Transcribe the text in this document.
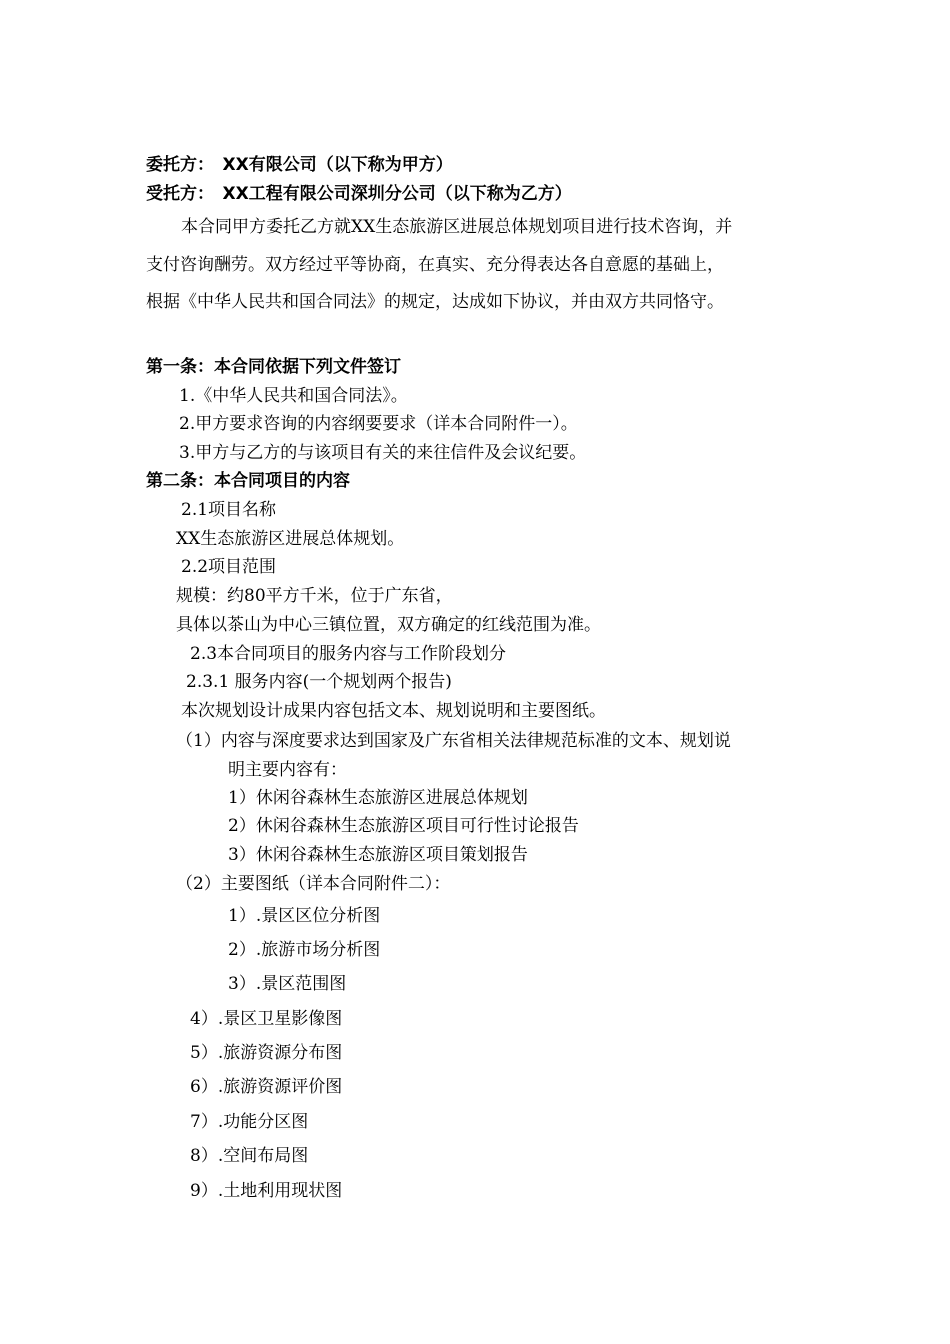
委托方：　XX有限公司（以下称为甲方）
受托方：　XX工程有限公司深圳分公司（以下称为乙方）
本合同甲方委托乙方就XX生态旅游区进展总体规划项目进行技术咨询，并
支付咨询酬劳。双方经过平等协商，在真实、充分得表达各自意愿的基础上，
根据《中华人民共和国合同法》的规定，达成如下协议，并由双方共同恪守。
第一条：本合同依据下列文件签订
1.《中华人民共和国合同法》。
2.甲方要求咨询的内容纲要要求（详本合同附件一）。
3.甲方与乙方的与该项目有关的来往信件及会议纪要。
第二条：本合同项目的内容
2.1项目名称
XX生态旅游区进展总体规划。
2.2项目范围
规模：约80平方千米，位于广东省，
具体以茶山为中心三镇位置，双方确定的红线范围为准。
2.3本合同项目的服务内容与工作阶段划分
2.3.1 服务内容(一个规划两个报告)
本次规划设计成果内容包括文本、规划说明和主要图纸。
（1）内容与深度要求达到国家及广东省相关法律规范标准的文本、规划说
明主要内容有：
1）休闲谷森林生态旅游区进展总体规划
2）休闲谷森林生态旅游区项目可行性讨论报告
3）休闲谷森林生态旅游区项目策划报告
（2）主要图纸（详本合同附件二）：
1）.景区区位分析图
2）.旅游市场分析图
3）.景区范围图
4）.景区卫星影像图
5）.旅游资源分布图
6）.旅游资源评价图
7）.功能分区图
8）.空间布局图
9）.土地利用现状图
